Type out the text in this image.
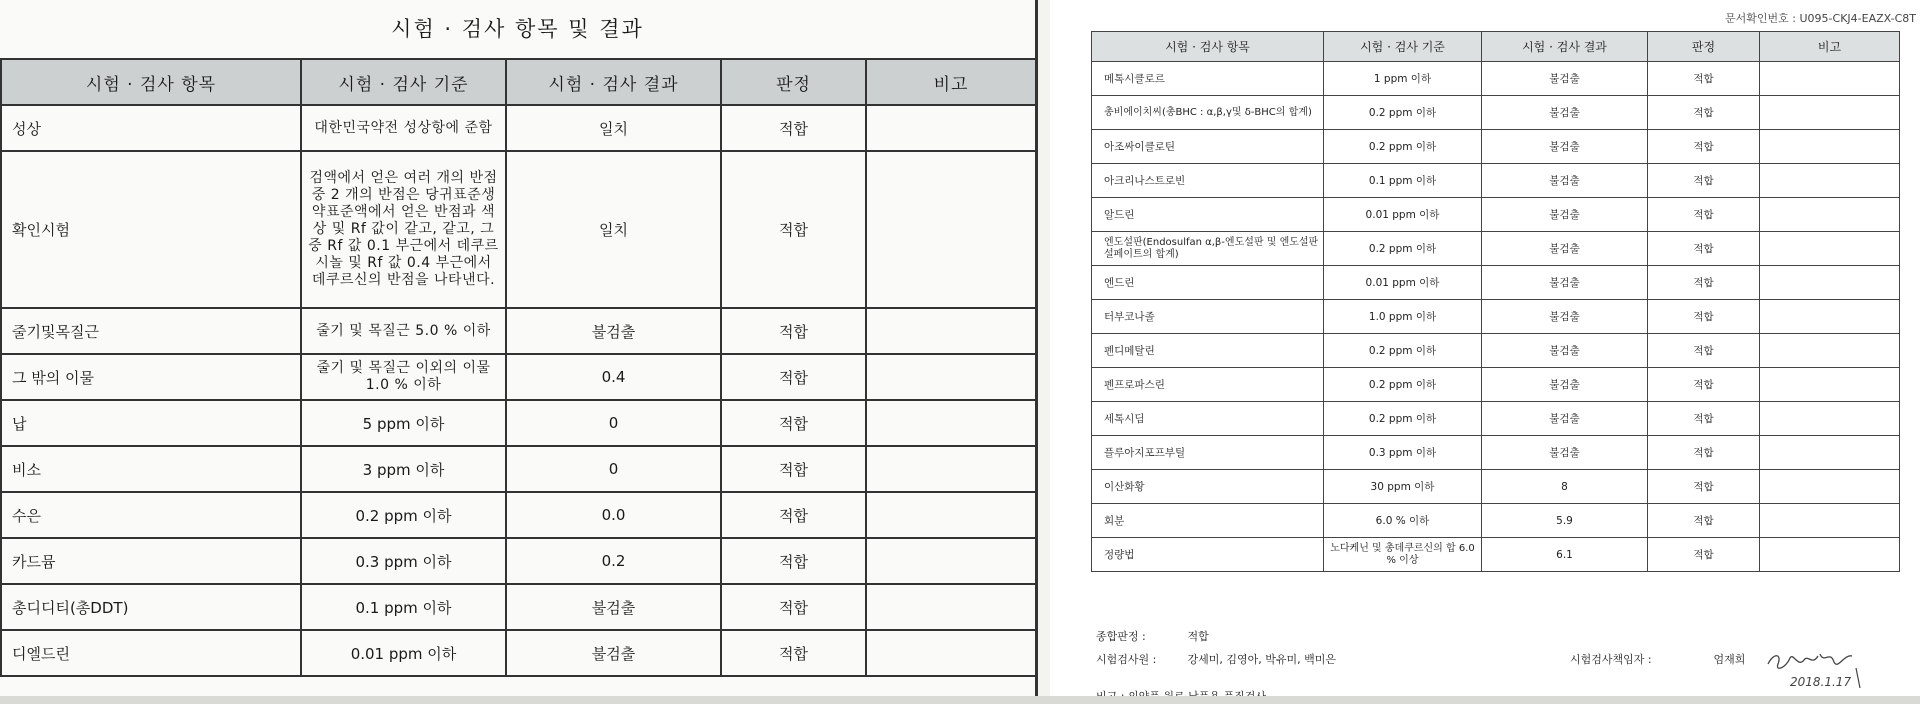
시험 · 검사 항목 및 결과
시험 · 검사 항목	시험 · 검사 기준	시험 · 검사 결과	판정	비고
성상	대한민국약전 성상항에 준함	일치	적합	
확인시험	검액에서 얻은 여러 개의 반점 중 2 개의 반점은 당귀표준생약표준액에서 얻은 반점과 색상 및 Rf 값이 같고, 같고, 그 중 Rf 값 0.1 부근에서 데쿠르시놀 및 Rf 값 0.4 부근에서 데쿠르신의 반점을 나타낸다.	일치	적합	
줄기및목질근	줄기 및 목질근 5.0 % 이하	불검출	적합	
그 밖의 이물	줄기 및 목질근 이외의 이물 1.0 % 이하	0.4	적합	
납	5 ppm 이하	0	적합	
비소	3 ppm 이하	0	적합	
수은	0.2 ppm 이하	0.0	적합	
카드뮴	0.3 ppm 이하	0.2	적합	
총디디티(총DDT)	0.1 ppm 이하	불검출	적합	
디엘드린	0.01 ppm 이하	불검출	적합	
문서확인번호 : U095-CKJ4-EAZX-C8T
시험 · 검사 항목	시험 · 검사 기준	시험 · 검사 결과	판정	비고
메톡시클로르	1 ppm 이하	불검출	적합	
총비에이치씨(총BHC : α,β,γ및 δ-BHC의 합계)	0.2 ppm 이하	불검출	적합	
아조싸이클로틴	0.2 ppm 이하	불검출	적합	
아크리나스트로빈	0.1 ppm 이하	불검출	적합	
알드린	0.01 ppm 이하	불검출	적합	
엔도설판(Endosulfan α,β-엔도설판 및 엔도설판설페이트의 합계)	0.2 ppm 이하	불검출	적합	
엔드린	0.01 ppm 이하	불검출	적합	
터부코나졸	1.0 ppm 이하	불검출	적합	
펜디메탈린	0.2 ppm 이하	불검출	적합	
펜프로파스린	0.2 ppm 이하	불검출	적합	
세톡시딤	0.2 ppm 이하	불검출	적합	
플루아지포프부틸	0.3 ppm 이하	불검출	적합	
이산화황	30 ppm 이하	8	적합	
회분	6.0 % 이하	5.9	적합	
정량법	노다케닌 및 총데쿠르신의 합 6.0 % 이상	6.1	적합	
종합판정 :	적합
시험검사원 :	강세미, 김영아, 박유미, 백미은	시험검사책임자 :	엄재희
2018.1.17
